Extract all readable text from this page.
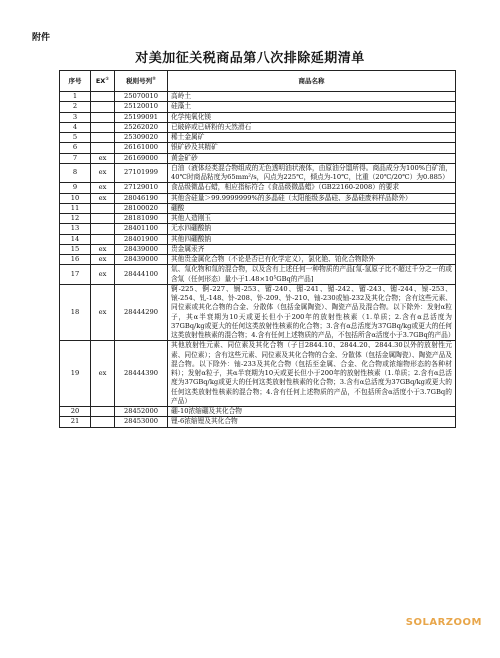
附件
对美加征关税商品第八次排除延期清单
序号	EX①	税则号列②	商品名称
1		25070010	高岭土
2		25120010	硅藻土
3		25199091	化学纯氧化镁
4		25262020	已破碎或已研粉的天然滑石
5		25309020	稀土金属矿
6		26161000	银矿砂及其精矿
7	ex	26169000	黄金矿砂
8	ex	27101999	白油（液体烃类混合物组成的无色透明油状液体，由原油分馏所得。商品成分为100%白矿油，40℃时商品粘度为65mm²/s，闪点为225℃，倾点为-10℃，比重（20℃/20℃）为0.885）
9	ex	27129010	食品级微晶石蜡，相应指标符合《食品级微晶蜡》（GB22160-2008）的要求
10	ex	28046190	其他含硅量＞99.9999999%的多晶硅（太阳能级多晶硅、多晶硅废料样品除外）
11		28100020	硼酸
12		28181090	其他人造刚玉
13		28401100	无水四硼酸钠
14		28401900	其他四硼酸钠
15	ex	28439000	贵金属汞齐
16	ex	28439000	其他贵金属化合物（不论是否已有化学定义），氯化铯、铂化合物除外
17	ex	28444100	氚、氚化物和氚的混合物，以及含有上述任何一种物质的产品[氚-氢原子比不超过千分之一的或含氚（任何形态）量小于1.48×10⁵GBq的产品]
18	ex	28444290	锕-225、锕-227、锎-253、镅-240、镅-241、镅-242、镅-243、镅-244、锿-253、锿-254、钆-148、钋-208、钋-209、钋-210、铀-230或铀-232及其化合物；含有这些元素、同位素或其化合物的合金、分散体（包括金属陶瓷）、陶瓷产品及混合物。以下除外：发射α粒子，其α半衰期为10天或更长但小于200年的放射性核素（1.单质；2.含有α总活度为37GBq/kg或更大的任何这类放射性核素的化合物；3.含有α总活度为37GBq/kg或更大的任何这类放射性核素的混合物；4.含有任何上述物质的产品，不包括所含α活度小于3.7GBq的产品）
19	ex	28444390	其他放射性元素、同位素及其化合物（子目2844.10、2844.20、2844.30以外的放射性元素、同位素）；含有这些元素、同位素及其化合物的合金、分散体（包括金属陶瓷）、陶瓷产品及混合物。以下除外：铀-233及其化合物（包括至金属、合金、化合物或浓缩物形态的各种材料）；发射α粒子，其α半衰期为10天或更长但小于200年的放射性核素（1.单质；2.含有α总活度为37GBq/kg或更大的任何这类放射性核素的化合物；3.含有α总活度为37GBq/kg或更大的任何这类放射性核素的混合物；4.含有任何上述物质的产品，不包括所含α活度小于3.7GBq的产品）
20		28452000	硼-10浓缩硼及其化合物
21		28453000	锂-6浓缩锂及其化合物
SOLARZOOM
